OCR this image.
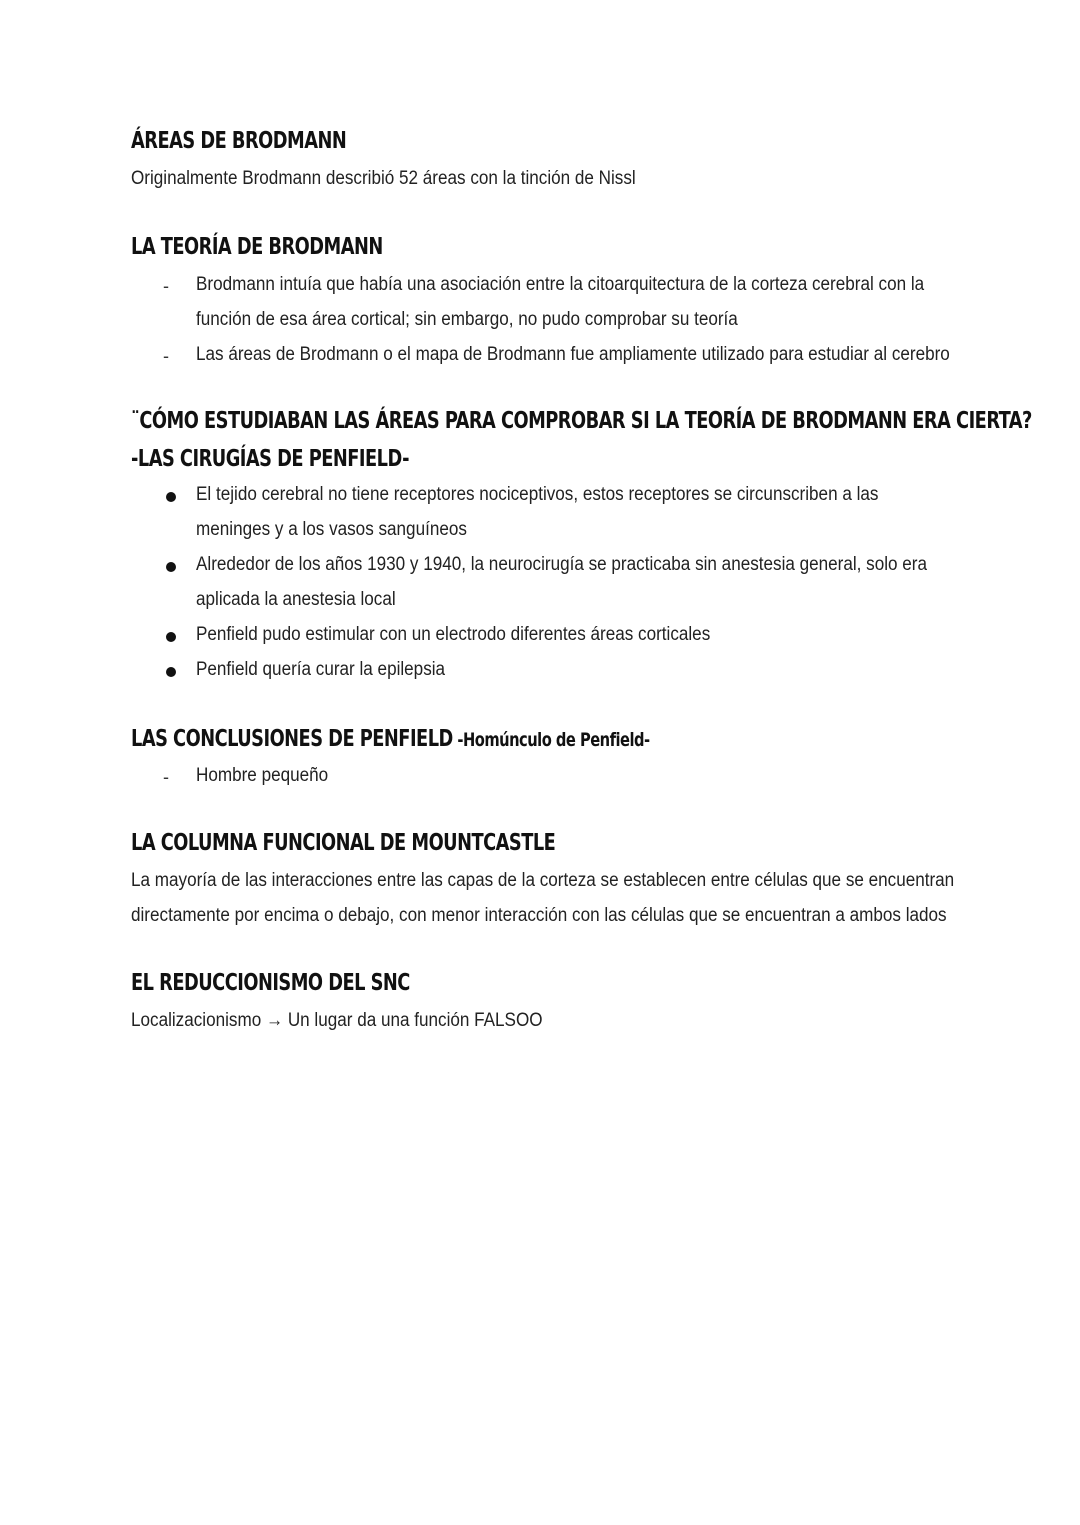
ÁREAS DE BRODMANN
Originalmente Brodmann describió 52 áreas con la tinción de Nissl
LA TEORÍA DE BRODMANN
- Brodmann intuía que había una asociación entre la citoarquitectura de la corteza cerebral con la
función de esa área cortical; sin embargo, no pudo comprobar su teoría
- Las áreas de Brodmann o el mapa de Brodmann fue ampliamente utilizado para estudiar al cerebro
¨CÓMO ESTUDIABAN LAS ÁREAS PARA COMPROBAR SI LA TEORÍA DE BRODMANN ERA CIERTA?
-LAS CIRUGÍAS DE PENFIELD-
El tejido cerebral no tiene receptores nociceptivos, estos receptores se circunscriben a las
meninges y a los vasos sanguíneos
Alrededor de los años 1930 y 1940, la neurocirugía se practicaba sin anestesia general, solo era
aplicada la anestesia local
Penfield pudo estimular con un electrodo diferentes áreas corticales
Penfield quería curar la epilepsia
LAS CONCLUSIONES DE PENFIELD -Homúnculo de Penfield-
- Hombre pequeño
LA COLUMNA FUNCIONAL DE MOUNTCASTLE
La mayoría de las interacciones entre las capas de la corteza se establecen entre células que se encuentran
directamente por encima o debajo, con menor interacción con las células que se encuentran a ambos lados
EL REDUCCIONISMO DEL SNC
Localizacionismo → Un lugar da una función FALSOO
